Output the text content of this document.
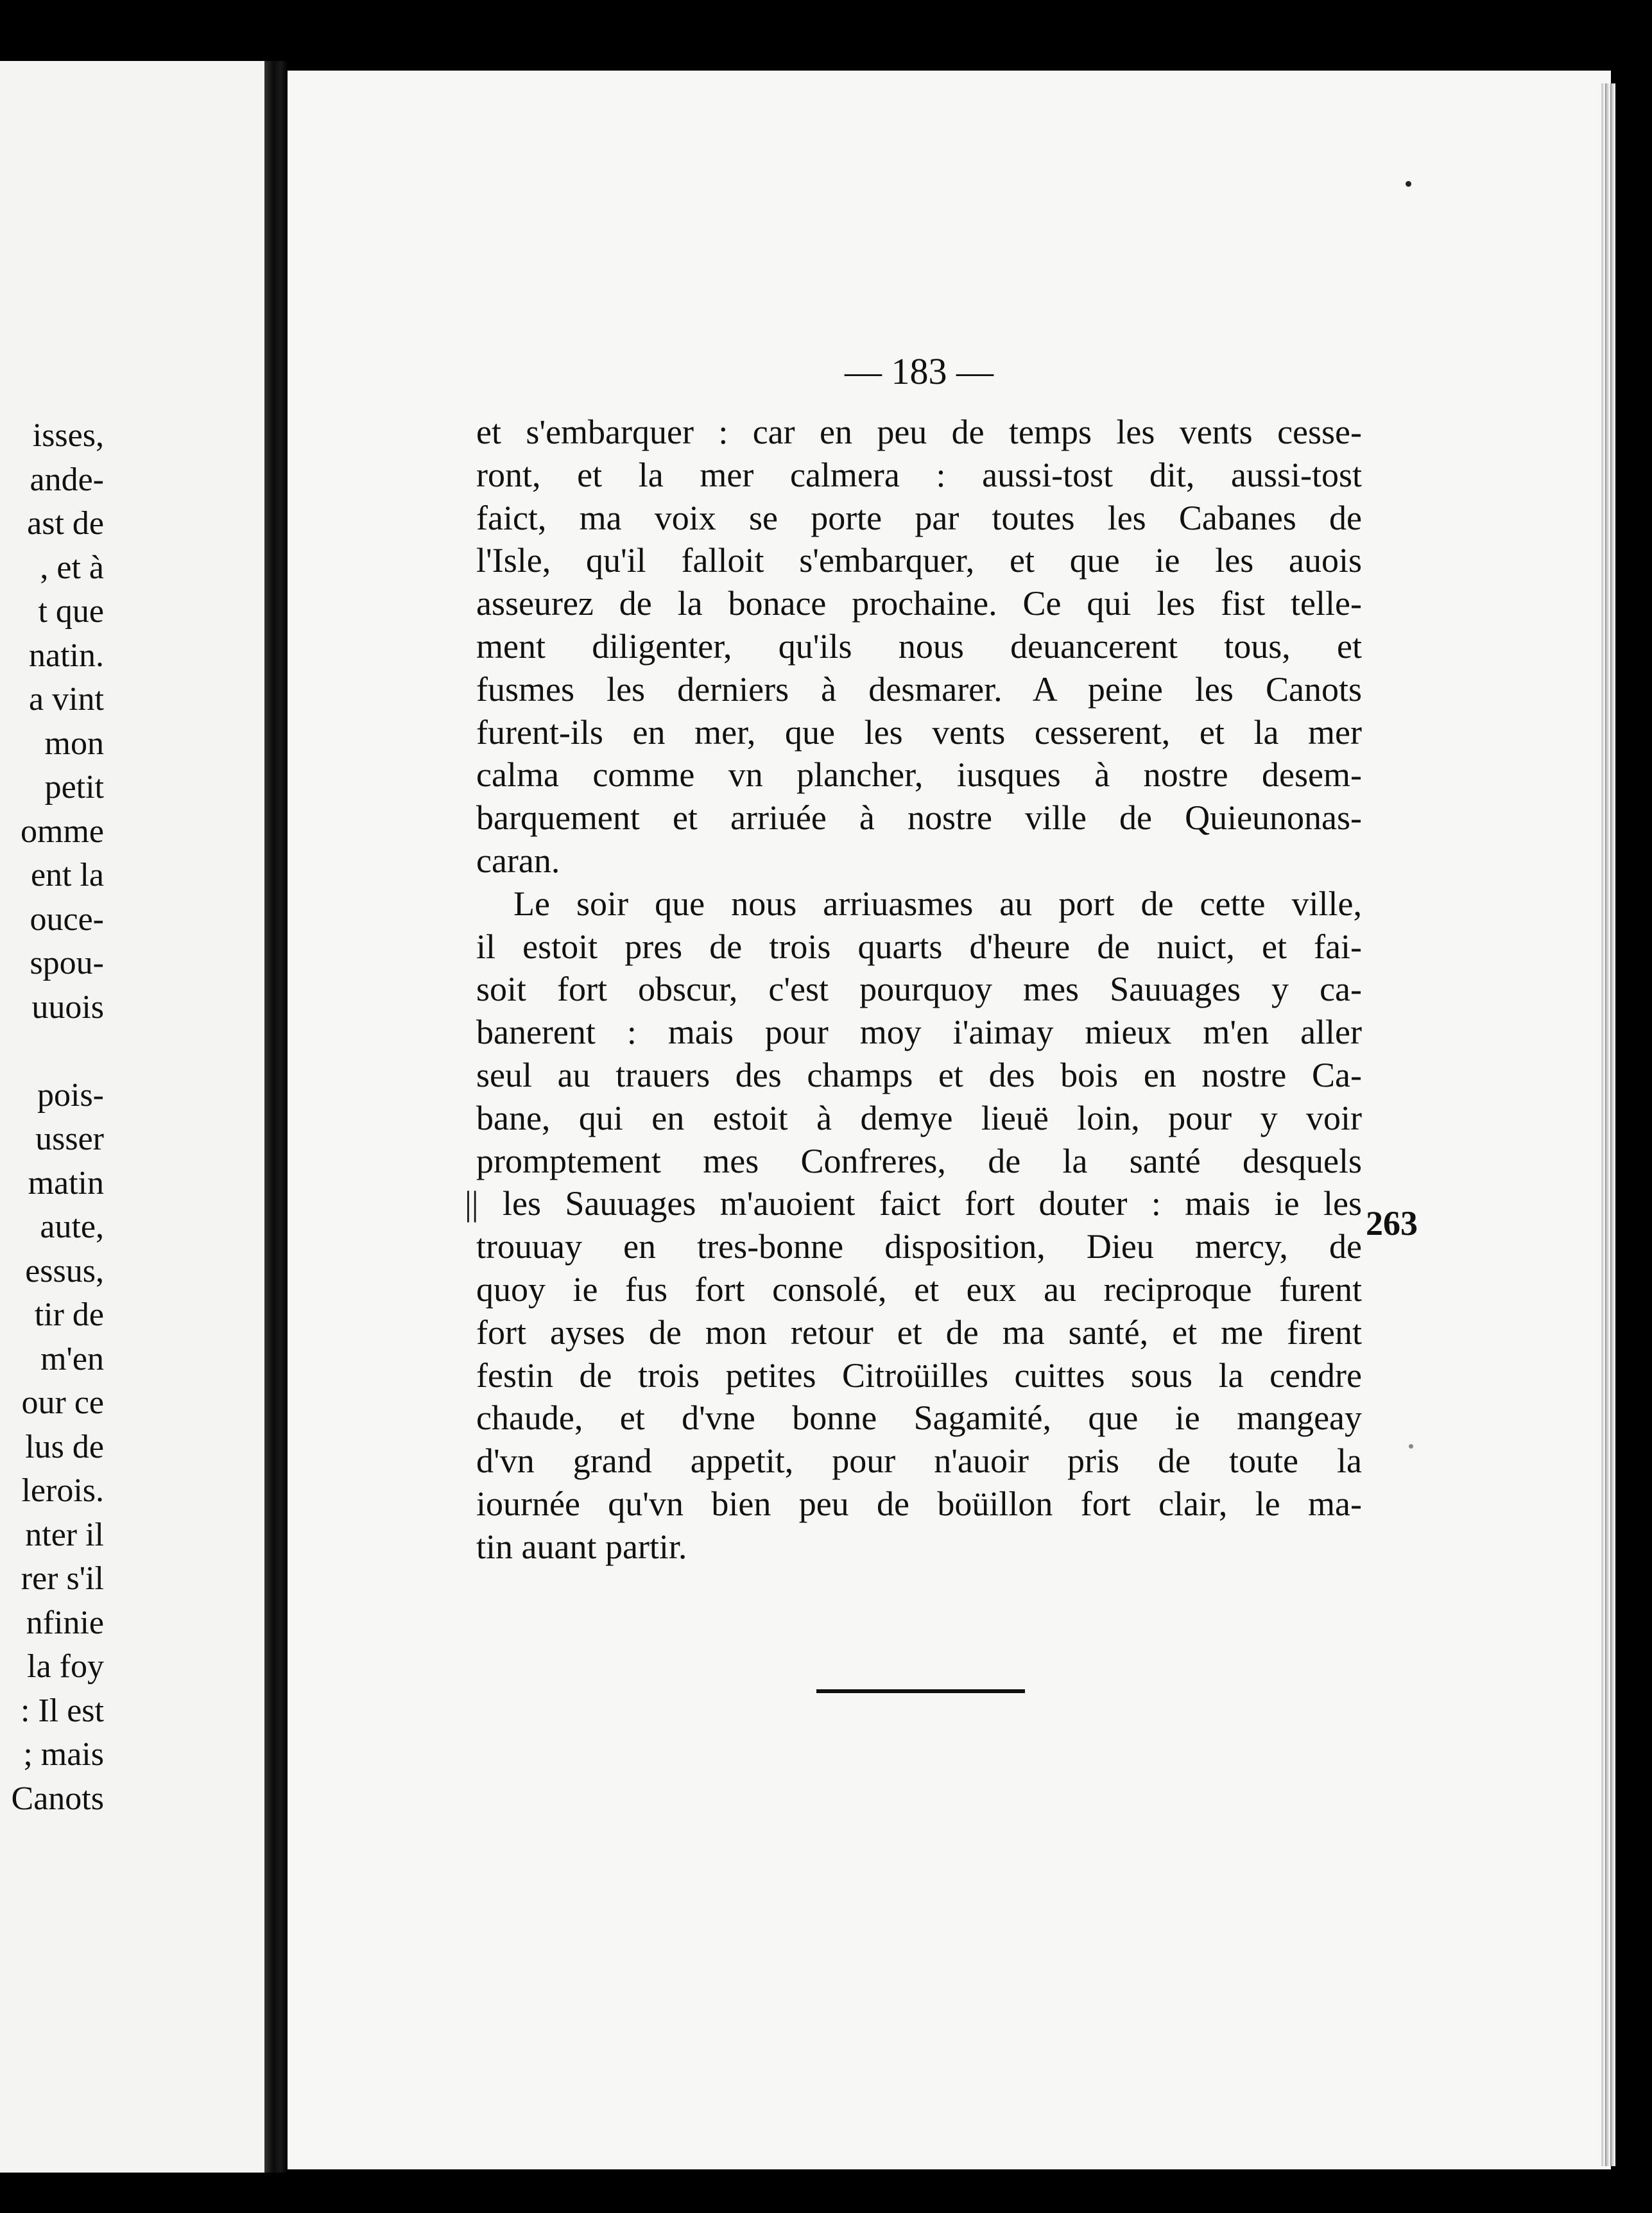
isses,
ande-
ast de
, et à
t que
natin.
a vint
mon
petit
omme
ent la
ouce-
spou-
uuois
pois-
usser
matin
aute,
essus,
tir de
m'en
our ce
lus de
lerois.
nter il
rer s'il
nfinie
la foy
: Il est
; mais
Canots
— 183 —
et s'embarquer : car en peu de temps les vents cesse-
ront, et la mer calmera : aussi-tost dit, aussi-tost
faict, ma voix se porte par toutes les Cabanes de
l'Isle, qu'il falloit s'embarquer, et que ie les auois
asseurez de la bonace prochaine. Ce qui les fist telle-
ment diligenter, qu'ils nous deuancerent tous, et
fusmes les derniers à desmarer. A peine les Canots
furent-ils en mer, que les vents cesserent, et la mer
calma comme vn plancher, iusques à nostre desem-
barquement et arriuée à nostre ville de Quieunonas-
caran.
Le soir que nous arriuasmes au port de cette ville,
il estoit pres de trois quarts d'heure de nuict, et fai-
soit fort obscur, c'est pourquoy mes Sauuages y ca-
banerent : mais pour moy i'aimay mieux m'en aller
seul au trauers des champs et des bois en nostre Ca-
bane, qui en estoit à demye lieuë loin, pour y voir
promptement mes Confreres, de la santé desquels
|| les Sauuages m'auoient faict fort douter : mais ie les
trouuay en tres-bonne disposition, Dieu mercy, de
quoy ie fus fort consolé, et eux au reciproque furent
fort ayses de mon retour et de ma santé, et me firent
festin de trois petites Citroüilles cuittes sous la cendre
chaude, et d'vne bonne Sagamité, que ie mangeay
d'vn grand appetit, pour n'auoir pris de toute la
iournée qu'vn bien peu de boüillon fort clair, le ma-
tin auant partir.
263
